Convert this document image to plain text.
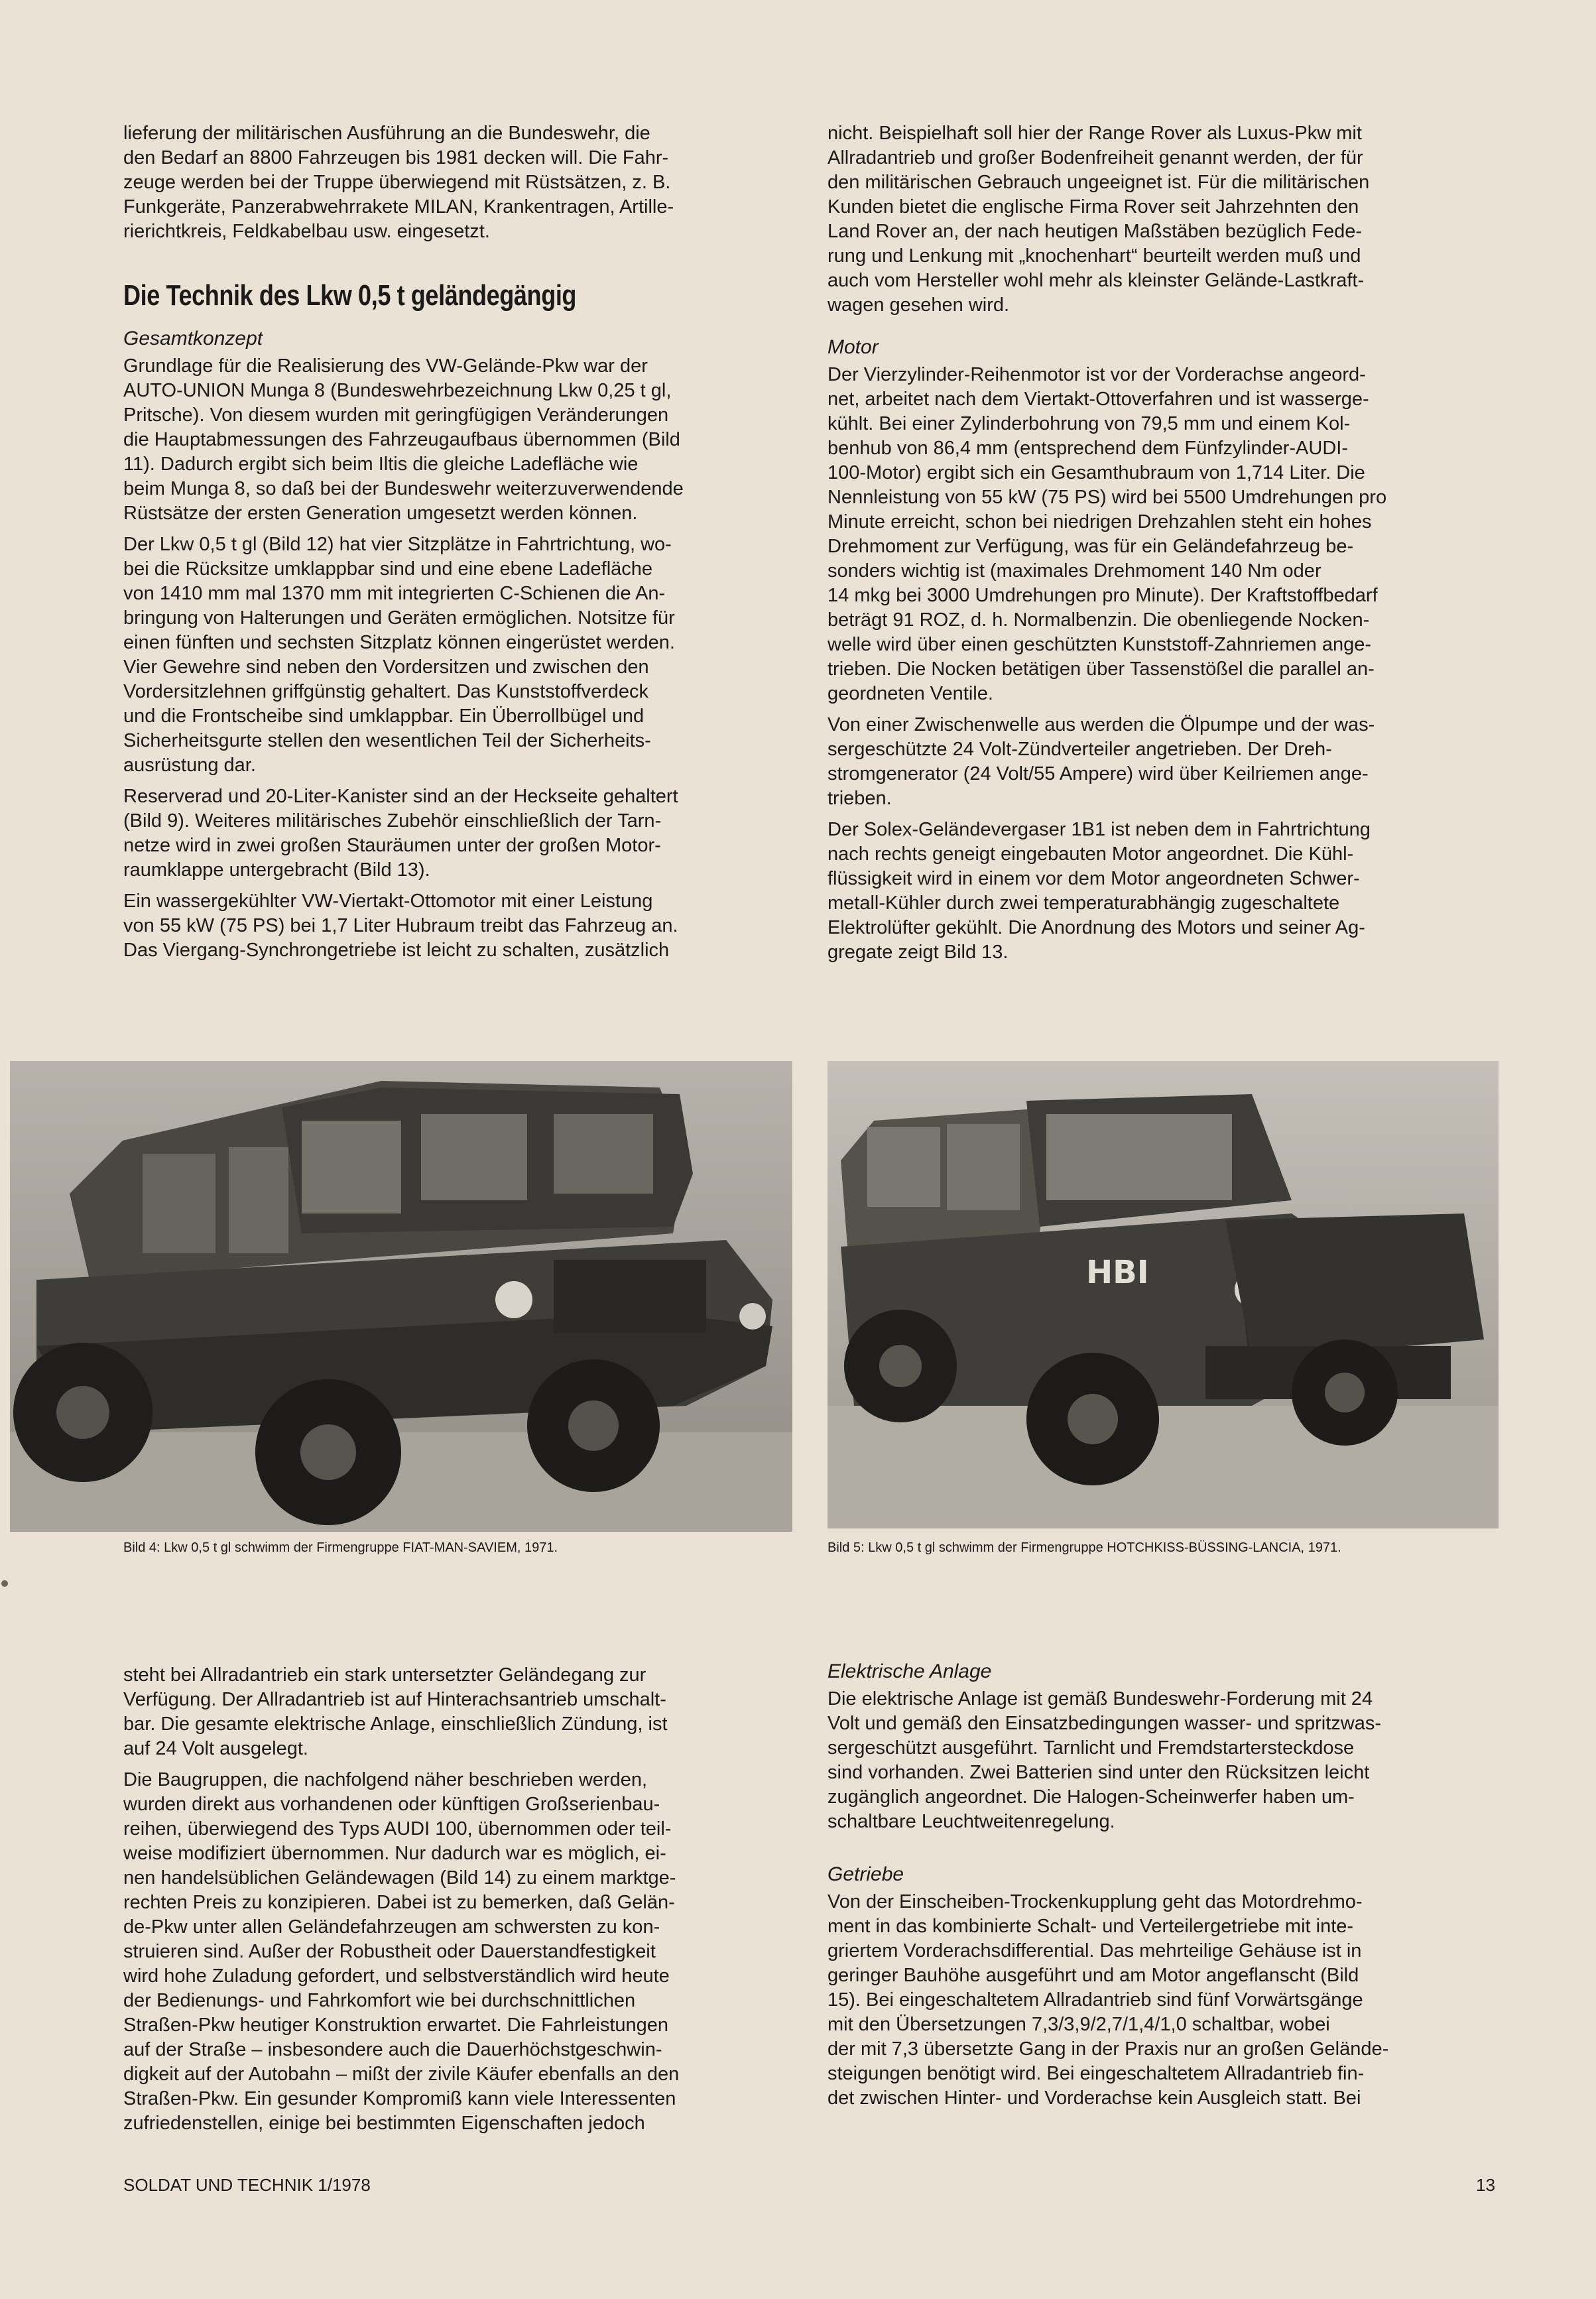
lieferung der militärischen Ausführung an die Bundeswehr, die
den Bedarf an 8800 Fahrzeugen bis 1981 decken will. Die Fahr-
zeuge werden bei der Truppe überwiegend mit Rüstsätzen, z. B.
Funkgeräte, Panzerabwehrrakete MILAN, Krankentragen, Artille-
rierichtkreis, Feldkabelbau usw. eingesetzt.

Die Technik des Lkw 0,5 t geländegängig
Gesamtkonzept

Grundlage für die Realisierung des VW-Gelände-Pkw war der
AUTO-UNION Munga 8 (Bundeswehrbezeichnung Lkw 0,25 t gl,
Pritsche). Von diesem wurden mit geringfügigen Veränderungen
die Hauptabmessungen des Fahrzeugaufbaus übernommen (Bild
11). Dadurch ergibt sich beim Iltis die gleiche Ladefläche wie
beim Munga 8, so daß bei der Bundeswehr weiterzuverwendende
Rüstsätze der ersten Generation umgesetzt werden können.

Der Lkw 0,5 t gl (Bild 12) hat vier Sitzplätze in Fahrtrichtung, wo-
bei die Rücksitze umklappbar sind und eine ebene Ladefläche
von 1410 mm mal 1370 mm mit integrierten C-Schienen die An-
bringung von Halterungen und Geräten ermöglichen. Notsitze für
einen fünften und sechsten Sitzplatz können eingerüstet werden.
Vier Gewehre sind neben den Vordersitzen und zwischen den
Vordersitzlehnen griffgünstig gehaltert. Das Kunststoffverdeck
und die Frontscheibe sind umklappbar. Ein Überrollbügel und
Sicherheitsgurte stellen den wesentlichen Teil der Sicherheits-
ausrüstung dar.

Reserverad und 20-Liter-Kanister sind an der Heckseite gehaltert
(Bild 9). Weiteres militärisches Zubehör einschließlich der Tarn-
netze wird in zwei großen Stauräumen unter der großen Motor-
raumklappe untergebracht (Bild 13).

Ein wassergekühlter VW-Viertakt-Ottomotor mit einer Leistung
von 55 kW (75 PS) bei 1,7 Liter Hubraum treibt das Fahrzeug an.
Das Viergang-Synchrongetriebe ist leicht zu schalten, zusätzlich

nicht. Beispielhaft soll hier der Range Rover als Luxus-Pkw mit
Allradantrieb und großer Bodenfreiheit genannt werden, der für
den militärischen Gebrauch ungeeignet ist. Für die militärischen
Kunden bietet die englische Firma Rover seit Jahrzehnten den
Land Rover an, der nach heutigen Maßstäben bezüglich Fede-
rung und Lenkung mit „knochenhart“ beurteilt werden muß und
auch vom Hersteller wohl mehr als kleinster Gelände-Lastkraft-
wagen gesehen wird.

Motor

Der Vierzylinder-Reihenmotor ist vor der Vorderachse angeord-
net, arbeitet nach dem Viertakt-Ottoverfahren und ist wasserge-
kühlt. Bei einer Zylinderbohrung von 79,5 mm und einem Kol-
benhub von 86,4 mm (entsprechend dem Fünfzylinder-AUDI-
100-Motor) ergibt sich ein Gesamthubraum von 1,714 Liter. Die
Nennleistung von 55 kW (75 PS) wird bei 5500 Umdrehungen pro
Minute erreicht, schon bei niedrigen Drehzahlen steht ein hohes
Drehmoment zur Verfügung, was für ein Geländefahrzeug be-
sonders wichtig ist (maximales Drehmoment 140 Nm oder
14 mkg bei 3000 Umdrehungen pro Minute). Der Kraftstoffbedarf
beträgt 91 ROZ, d. h. Normalbenzin. Die obenliegende Nocken-
welle wird über einen geschützten Kunststoff-Zahnriemen ange-
trieben. Die Nocken betätigen über Tassenstößel die parallel an-
geordneten Ventile.

Von einer Zwischenwelle aus werden die Ölpumpe und der was-
sergeschützte 24 Volt-Zündverteiler angetrieben. Der Dreh-
stromgenerator (24 Volt/55 Ampere) wird über Keilriemen ange-
trieben.

Der Solex-Geländevergaser 1B1 ist neben dem in Fahrtrichtung
nach rechts geneigt eingebauten Motor angeordnet. Die Kühl-
flüssigkeit wird in einem vor dem Motor angeordneten Schwer-
metall-Kühler durch zwei temperaturabhängig zugeschaltete
Elektrolüfter gekühlt. Die Anordnung des Motors und seiner Ag-
gregate zeigt Bild 13.

Bild 4: Lkw 0,5 t gl schwimm der Firmengruppe FIAT-MAN-SAVIEM, 1971.
HBI
Bild 5: Lkw 0,5 t gl schwimm der Firmengruppe HOTCHKISS-BÜSSING-LANCIA, 1971.

steht bei Allradantrieb ein stark untersetzter Geländegang zur
Verfügung. Der Allradantrieb ist auf Hinterachsantrieb umschalt-
bar. Die gesamte elektrische Anlage, einschließlich Zündung, ist
auf 24 Volt ausgelegt.

Die Baugruppen, die nachfolgend näher beschrieben werden,
wurden direkt aus vorhandenen oder künftigen Großserienbau-
reihen, überwiegend des Typs AUDI 100, übernommen oder teil-
weise modifiziert übernommen. Nur dadurch war es möglich, ei-
nen handelsüblichen Geländewagen (Bild 14) zu einem marktge-
rechten Preis zu konzipieren. Dabei ist zu bemerken, daß Gelän-
de-Pkw unter allen Geländefahrzeugen am schwersten zu kon-
struieren sind. Außer der Robustheit oder Dauerstandfestigkeit
wird hohe Zuladung gefordert, und selbstverständlich wird heute
der Bedienungs- und Fahrkomfort wie bei durchschnittlichen
Straßen-Pkw heutiger Konstruktion erwartet. Die Fahrleistungen
auf der Straße – insbesondere auch die Dauerhöchstgeschwin-
digkeit auf der Autobahn – mißt der zivile Käufer ebenfalls an den
Straßen-Pkw. Ein gesunder Kompromiß kann viele Interessenten
zufriedenstellen, einige bei bestimmten Eigenschaften jedoch

Elektrische Anlage

Die elektrische Anlage ist gemäß Bundeswehr-Forderung mit 24
Volt und gemäß den Einsatzbedingungen wasser- und spritzwas-
sergeschützt ausgeführt. Tarnlicht und Fremdstartersteckdose
sind vorhanden. Zwei Batterien sind unter den Rücksitzen leicht
zugänglich angeordnet. Die Halogen-Scheinwerfer haben um-
schaltbare Leuchtweitenregelung.

Getriebe

Von der Einscheiben-Trockenkupplung geht das Motordrehmo-
ment in das kombinierte Schalt- und Verteilergetriebe mit inte-
griertem Vorderachsdifferential. Das mehrteilige Gehäuse ist in
geringer Bauhöhe ausgeführt und am Motor angeflanscht (Bild
15). Bei eingeschaltetem Allradantrieb sind fünf Vorwärtsgänge
mit den Übersetzungen 7,3/3,9/2,7/1,4/1,0 schaltbar, wobei
der mit 7,3 übersetzte Gang in der Praxis nur an großen Gelände-
steigungen benötigt wird. Bei eingeschaltetem Allradantrieb fin-
det zwischen Hinter- und Vorderachse kein Ausgleich statt. Bei

SOLDAT UND TECHNIK 1/1978	13
